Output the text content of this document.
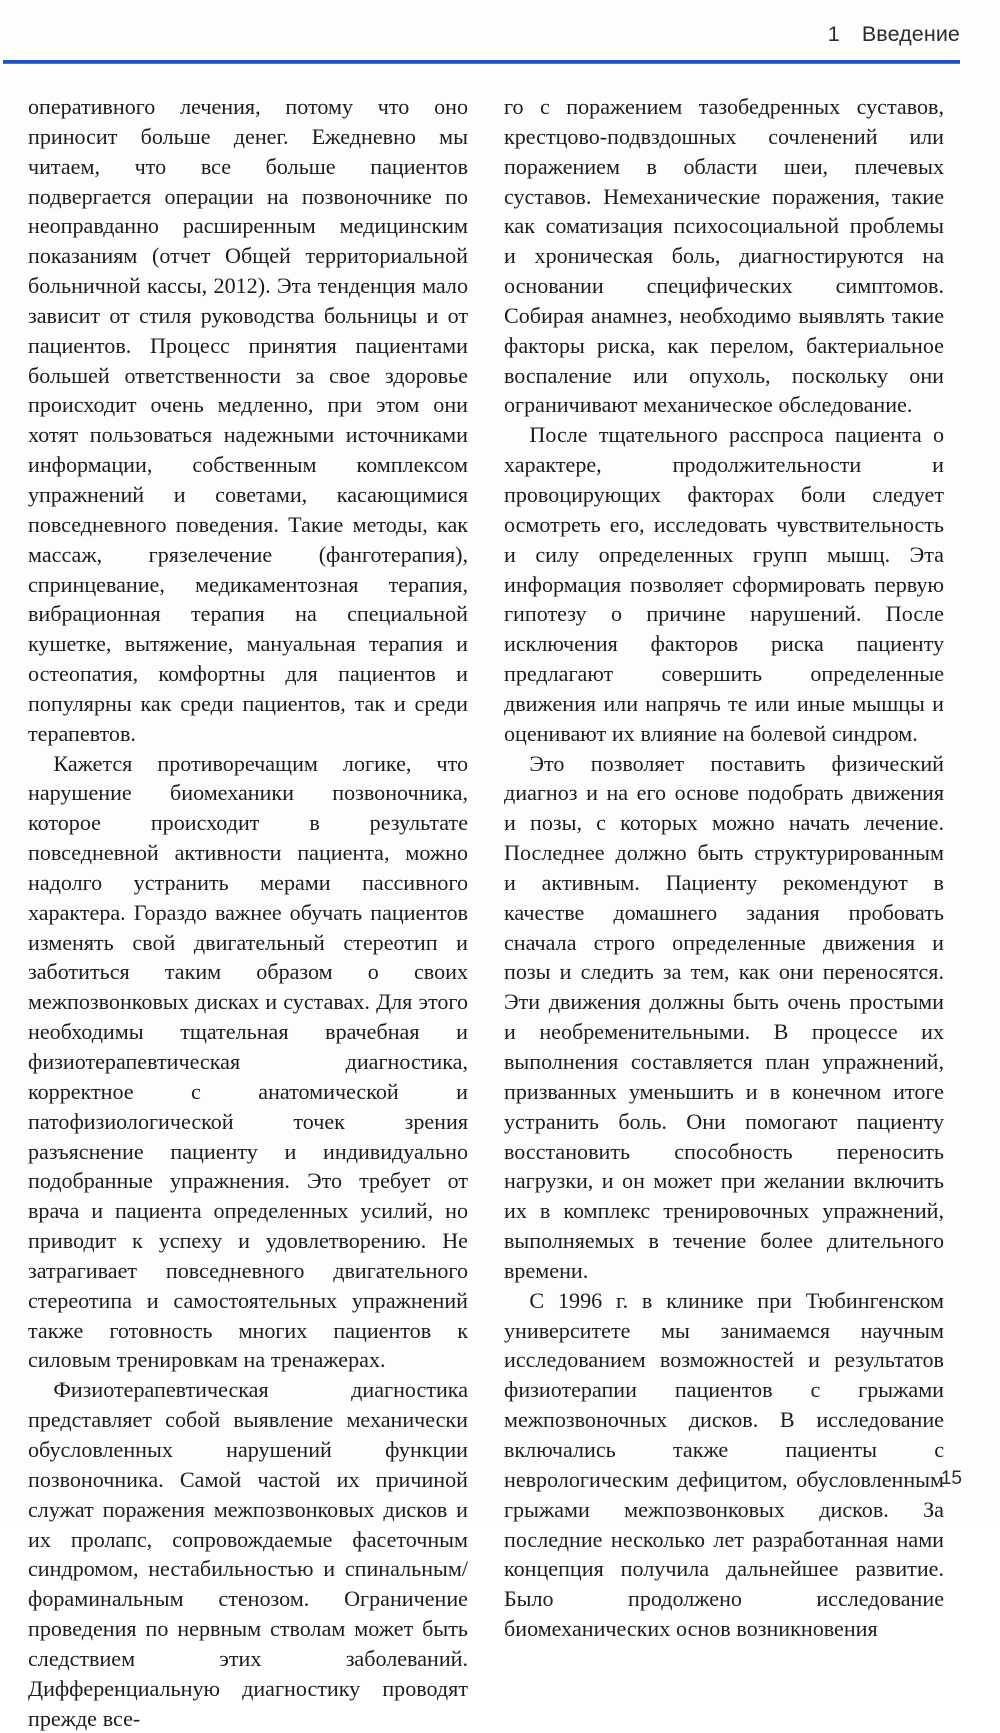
1 Введение

оперативного лечения, потому что оно приносит больше денег. Ежедневно мы читаем, что все больше пациентов подвергается операции на позвоночнике по неоправданно расширенным медицинским показаниям (отчет Общей территориальной больничной кассы, 2012). Эта тенденция мало зависит от стиля руководства больницы и от пациентов. Процесс принятия пациентами большей ответственности за свое здоровье происходит очень медленно, при этом они хотят пользоваться надежными источниками информации, собственным комплексом упражнений и советами, касающимися повседневного поведения. Такие методы, как массаж, грязелечение (фанготерапия), спринцевание, медикаментозная терапия, вибрационная терапия на специальной кушетке, вытяжение, мануальная терапия и остеопатия, комфортны для пациентов и популярны как среди пациентов, так и среди терапевтов.

Кажется противоречащим логике, что нарушение биомеханики позвоночника, которое происходит в результате повседневной активности пациента, можно надолго устранить мерами пассивного характера. Гораздо важнее обучать пациентов изменять свой двигательный стереотип и заботиться таким образом о своих межпозвонковых дисках и суставах. Для этого необходимы тщательная врачебная и физиотерапевтическая диагностика, корректное с анатомической и патофизиологической точек зрения разъяснение пациенту и индивидуально подобранные упражнения. Это требует от врача и пациента определенных усилий, но приводит к успеху и удовлетворению. Не затрагивает повседневного двигательного стереотипа и самостоятельных упражнений также готовность многих пациентов к силовым тренировкам на тренажерах.

Физиотерапевтическая диагностика представляет собой выявление механически обусловленных нарушений функции позвоночника. Самой частой их причиной служат поражения межпозвонковых дисков и их пролапс, сопровождаемые фасеточным синдромом, нестабильностью и спинальным/фораминальным стенозом. Ограничение проведения по нервным стволам может быть следствием этих заболеваний. Дифференциальную диагностику проводят прежде все-

го с поражением тазобедренных суставов, крестцово-подвздошных сочленений или поражением в области шеи, плечевых суставов. Немеханические поражения, такие как соматизация психосоциальной проблемы и хроническая боль, диагностируются на основании специфических симптомов. Собирая анамнез, необходимо выявлять такие факторы риска, как перелом, бактериальное воспаление или опухоль, поскольку они ограничивают механическое обследование.

После тщательного расспроса пациента о характере, продолжительности и провоцирующих факторах боли следует осмотреть его, исследовать чувствительность и силу определенных групп мышц. Эта информация позволяет сформировать первую гипотезу о причине нарушений. После исключения факторов риска пациенту предлагают совершить определенные движения или напрячь те или иные мышцы и оценивают их влияние на болевой синдром.

Это позволяет поставить физический диагноз и на его основе подобрать движения и позы, с которых можно начать лечение. Последнее должно быть структурированным и активным. Пациенту рекомендуют в качестве домашнего задания пробовать сначала строго определенные движения и позы и следить за тем, как они переносятся. Эти движения должны быть очень простыми и необременительными. В процессе их выполнения составляется план упражнений, призванных уменьшить и в конечном итоге устранить боль. Они помогают пациенту восстановить способность переносить нагрузки, и он может при желании включить их в комплекс тренировочных упражнений, выполняемых в течение более длительного времени.

С 1996 г. в клинике при Тюбингенском университете мы занимаемся научным исследованием возможностей и результатов физиотерапии пациентов с грыжами межпозвоночных дисков. В исследование включались также пациенты с неврологическим дефицитом, обусловленным грыжами межпозвонковых дисков. За последние несколько лет разработанная нами концепция получила дальнейшее развитие. Было продолжено исследование биомеханических основ возникновения

15
